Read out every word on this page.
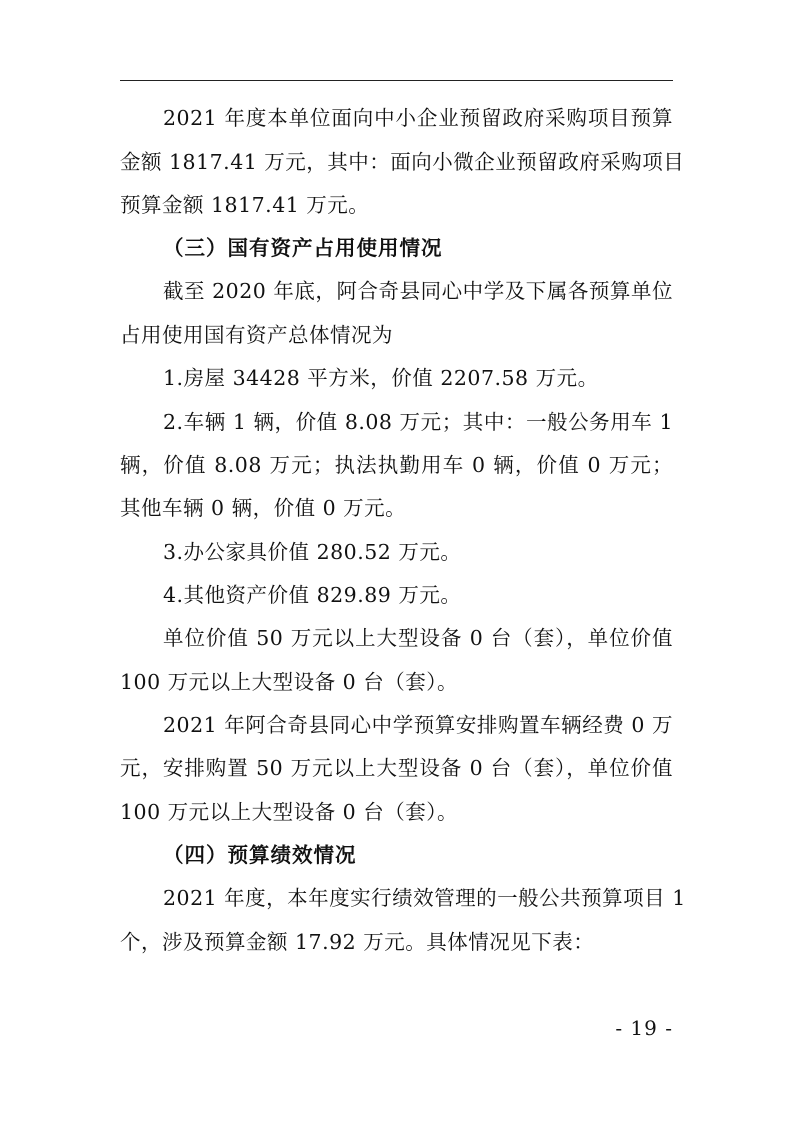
2021 年度本单位面向中小企业预留政府采购项目预算
金额 1817.41 万元，其中：面向小微企业预留政府采购项目
预算金额 1817.41 万元。
（三）国有资产占用使用情况
截至 2020 年底，阿合奇县同心中学及下属各预算单位
占用使用国有资产总体情况为
1.房屋 34428 平方米，价值 2207.58 万元。
2.车辆 1 辆，价值 8.08 万元；其中：一般公务用车 1
辆，价值 8.08 万元；执法执勤用车 0 辆，价值 0 万元；
其他车辆 0 辆，价值 0 万元。
3.办公家具价值 280.52 万元。
4.其他资产价值 829.89 万元。
单位价值 50 万元以上大型设备 0 台（套），单位价值
100 万元以上大型设备 0 台（套）。
2021 年阿合奇县同心中学预算安排购置车辆经费 0 万
元，安排购置 50 万元以上大型设备 0 台（套），单位价值
100 万元以上大型设备 0 台（套）。
（四）预算绩效情况
2021 年度，本年度实行绩效管理的一般公共预算项目 1
个，涉及预算金额 17.92 万元。具体情况见下表：
- 19 -
